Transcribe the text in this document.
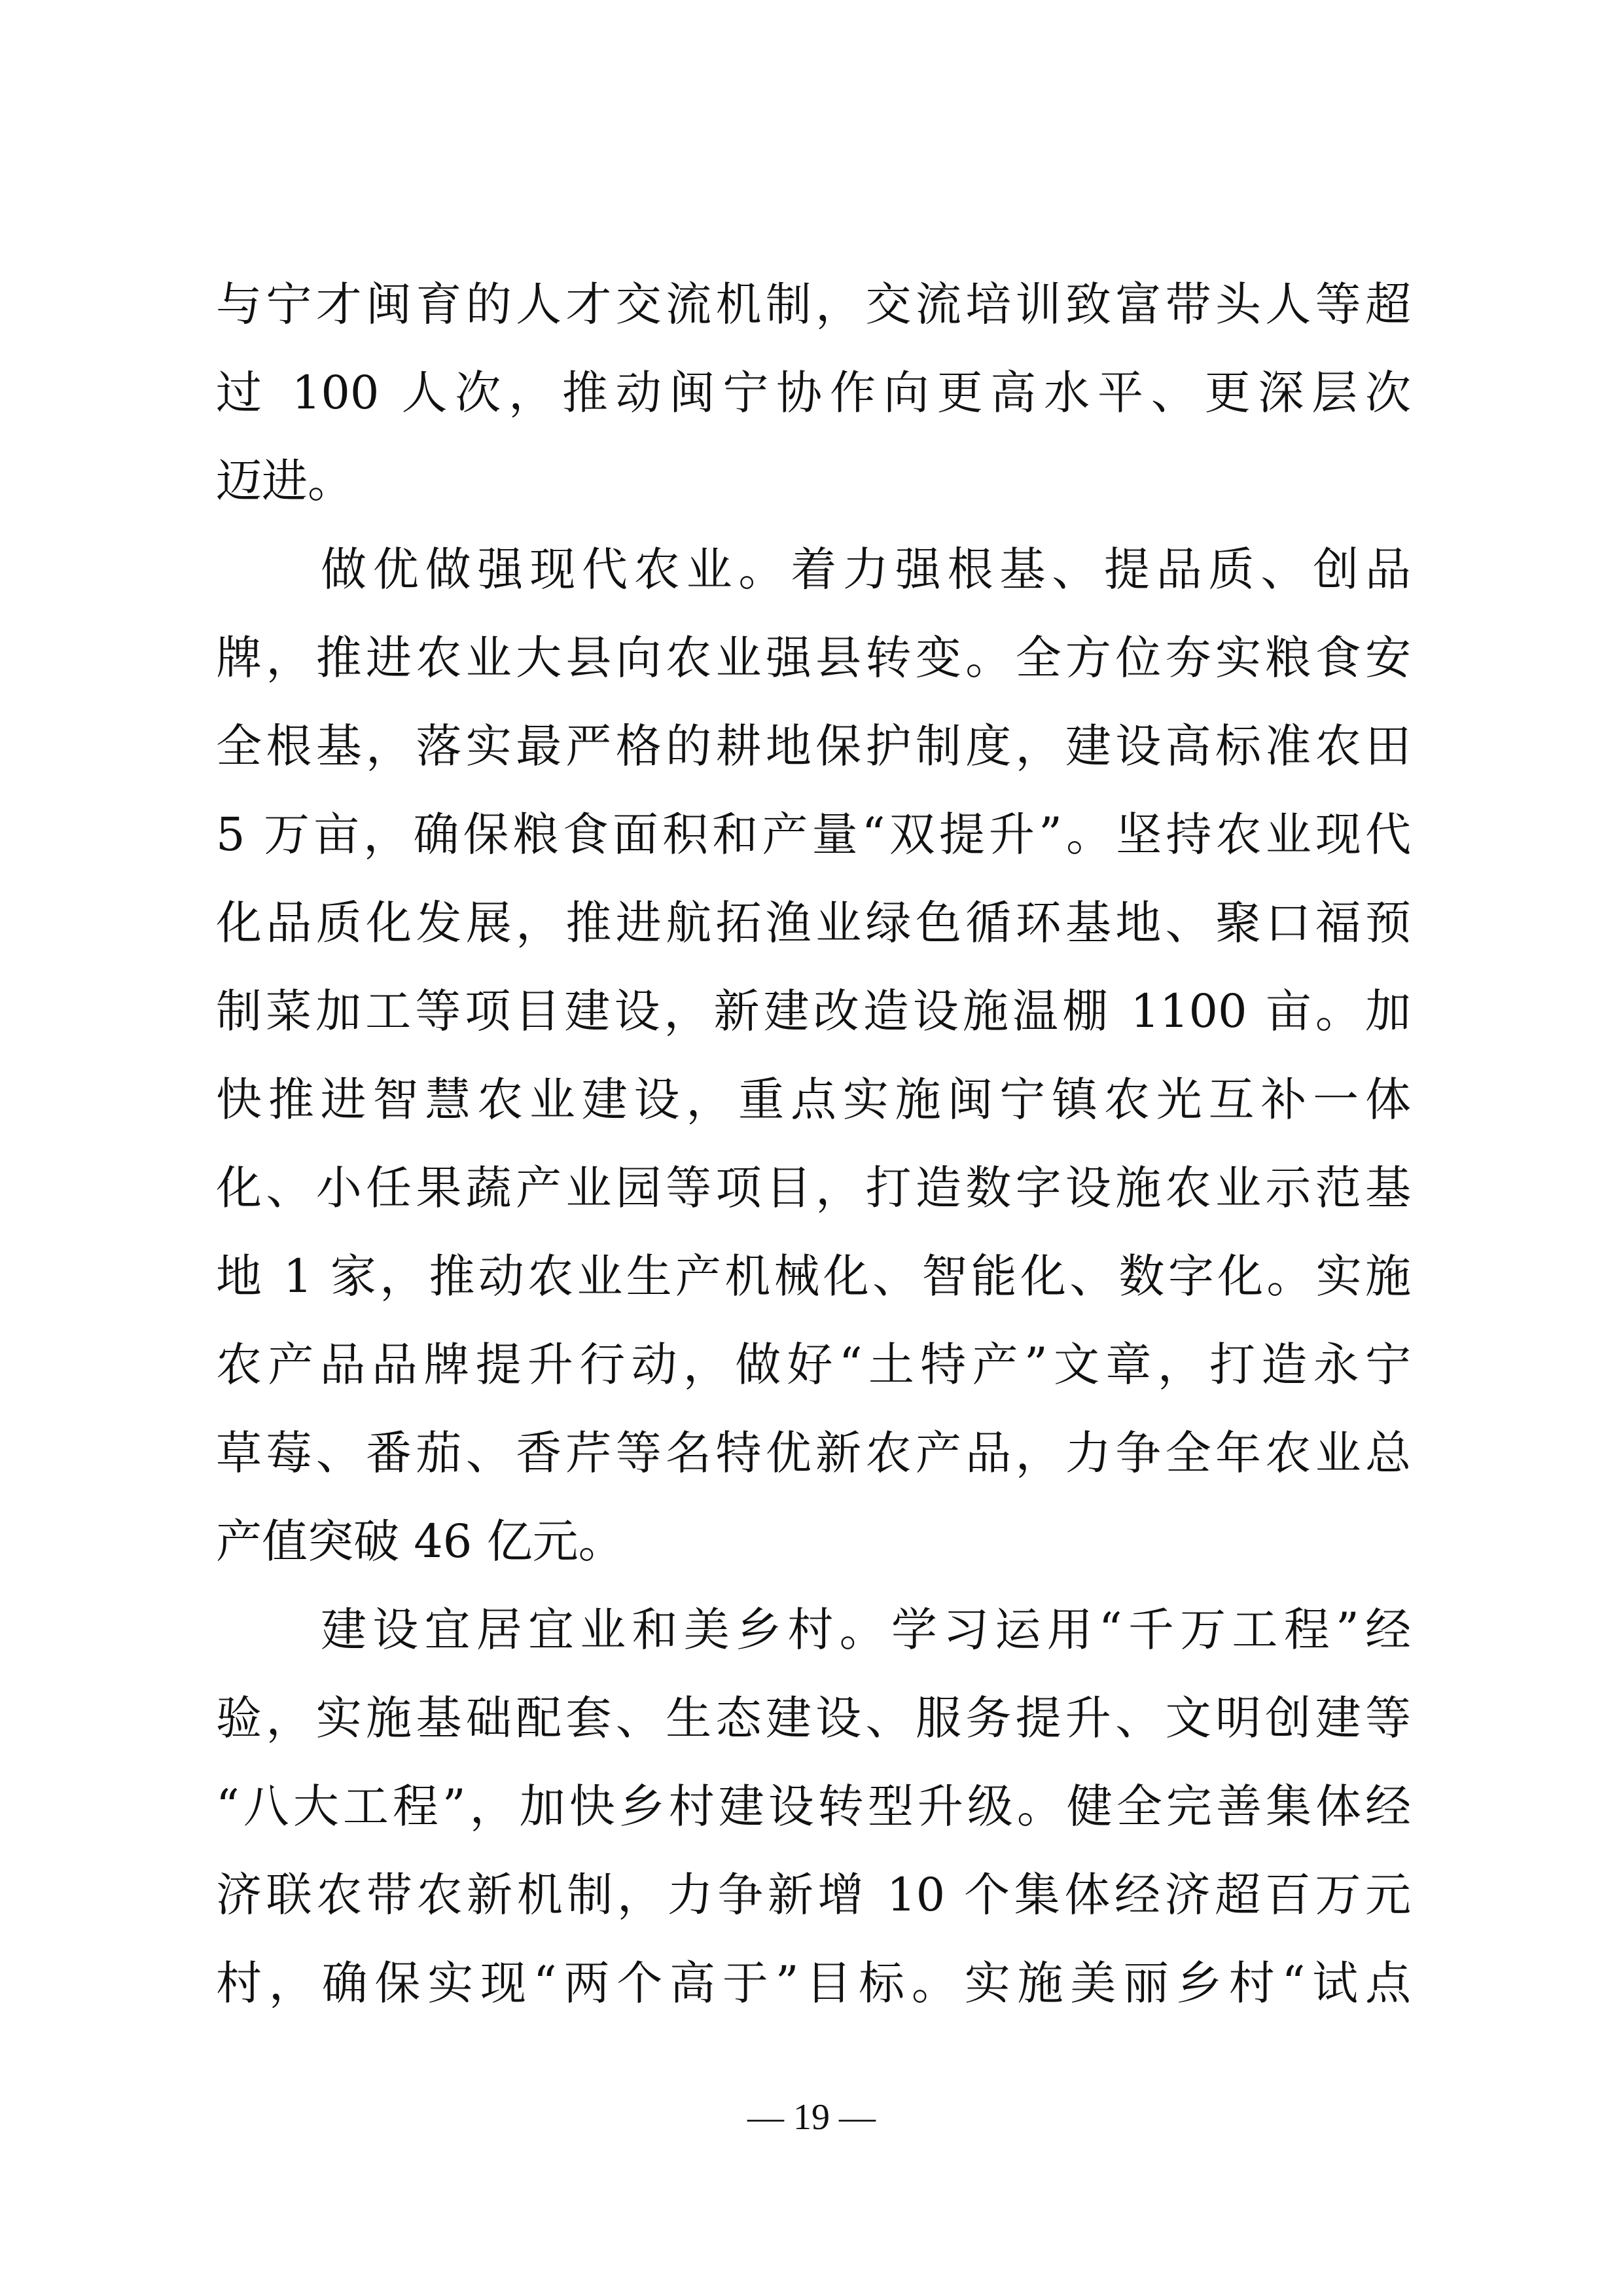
与宁才闽育的人才交流机制，交流培训致富带头人等超
过 100 人次，推动闽宁协作向更高水平、更深层次
迈进。
做优做强现代农业。着力强根基、提品质、创品
牌，推进农业大县向农业强县转变。全方位夯实粮食安
全根基，落实最严格的耕地保护制度，建设高标准农田
5 万亩，确保粮食面积和产量“双提升”。坚持农业现代
化品质化发展，推进航拓渔业绿色循环基地、聚口福预
制菜加工等项目建设，新建改造设施温棚 1100 亩。加
快推进智慧农业建设，重点实施闽宁镇农光互补一体
化、小任果蔬产业园等项目，打造数字设施农业示范基
地 1 家，推动农业生产机械化、智能化、数字化。实施
农产品品牌提升行动，做好“土特产”文章，打造永宁
草莓、番茄、香芹等名特优新农产品，力争全年农业总
产值突破 46 亿元。
建设宜居宜业和美乡村。学习运用“千万工程”经
验，实施基础配套、生态建设、服务提升、文明创建等
“八大工程”，加快乡村建设转型升级。健全完善集体经
济联农带农新机制，力争新增 10 个集体经济超百万元
村，确保实现“两个高于”目标。实施美丽乡村“试点
— 19 —
